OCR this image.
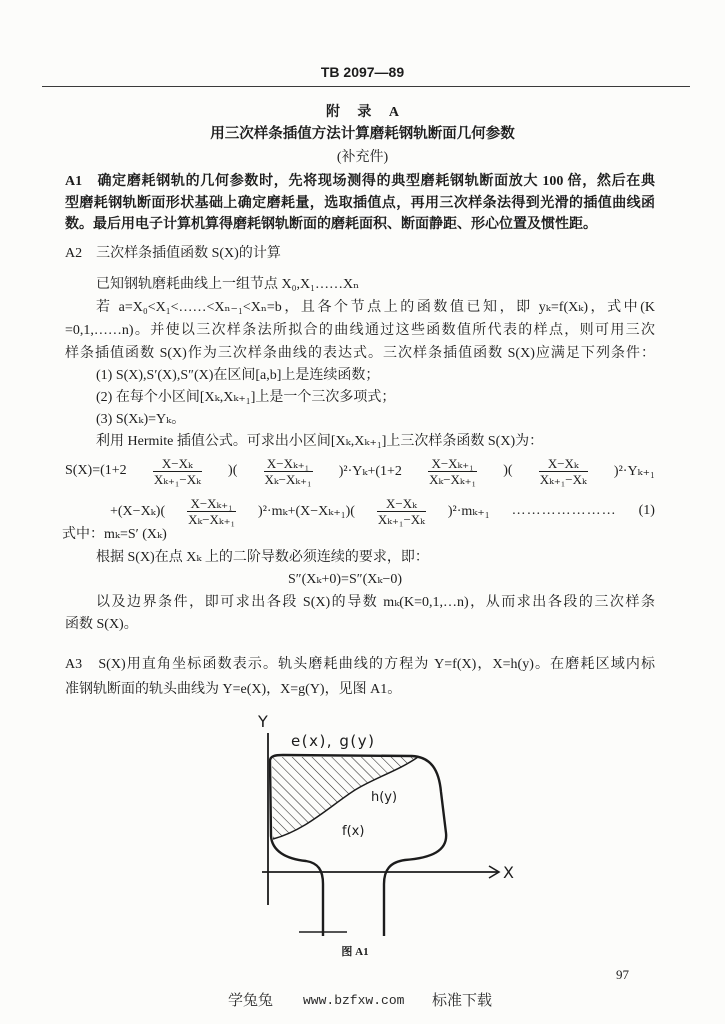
TB 2097—89
附 录 A
用三次样条插值方法计算磨耗钢轨断面几何参数
(补充件)
A1　确定磨耗钢轨的几何参数时，先将现场测得的典型磨耗钢轨断面放大 100 倍，然后在典
型磨耗钢轨断面形状基础上确定磨耗量，选取插值点，再用三次样条法得到光滑的插值曲线函
数。最后用电子计算机算得磨耗钢轨断面的磨耗面积、断面静距、形心位置及惯性距。
A2　三次样条插值函数 S(X)的计算
已知钢轨磨耗曲线上一组节点 X₀,X₁……Xₙ
若 a=X₀<X₁<……<Xₙ₋₁<Xₙ=b，且各个节点上的函数值已知，即 yₖ=f(Xₖ)，式中(K
=0,1,……n)。并使以三次样条法所拟合的曲线通过这些函数值所代表的样点，则可用三次
样条插值函数 S(X)作为三次样条曲线的表达式。三次样条插值函数 S(X)应满足下列条件：
(1) S(X),S′(X),S″(X)在区间[a,b]上是连续函数；
(2) 在每个小区间[Xₖ,Xₖ₊₁]上是一个三次多项式；
(3) S(Xₖ)=Yₖ。
利用 Hermite 插值公式。可求出小区间[Xₖ,Xₖ₊₁]上三次样条函数 S(X)为：
$S(X)=(1+2 \frac{\text{X−Xₖ}}{\text{Xₖ₊₁−Xₖ}}$ )( $\frac{\text{X−Xₖ₊₁}}{\text{Xₖ−Xₖ₊₁}} )^2\cdot Y_k+(1+2 \frac{\text{X−Xₖ₊₁}}{\text{Xₖ−Xₖ₊₁}}$ )( $\frac{\text{X−Xₖ}}{\text{Xₖ₊₁−Xₖ}} )^2\cdot Y_{k+1}$
$+(X-X_k)( \frac{\text{X−Xₖ₊₁}}{\text{Xₖ−Xₖ₊₁}} )^2\cdot m_k+(X-X_{k+1})( \frac{\text{X−Xₖ}}{\text{Xₖ₊₁−Xₖ}} )^2\cdot m_{k+1}$ ………………… (1)
式中：mₖ=S′ (Xₖ)
根据 S(X)在点 Xₖ 上的二阶导数必须连续的要求，即：
S″(Xₖ+0)=S″(Xₖ−0)
以及边界条件，即可求出各段 S(X)的导数 mₖ(K=0,1,…n)，从而求出各段的三次样条
函数 S(X)。
A3　S(X)用直角坐标函数表示。轨头磨耗曲线的方程为 Y=f(X)，X=h(y)。在磨耗区域内标
准钢轨断面的轨头曲线为 Y=e(X)，X=g(Y)，见图 A1。
Y
e(x), g(y)
h(y)
f(x)
X
图 A1
97
学兔兔 www.bzfxw.com 标准下载
